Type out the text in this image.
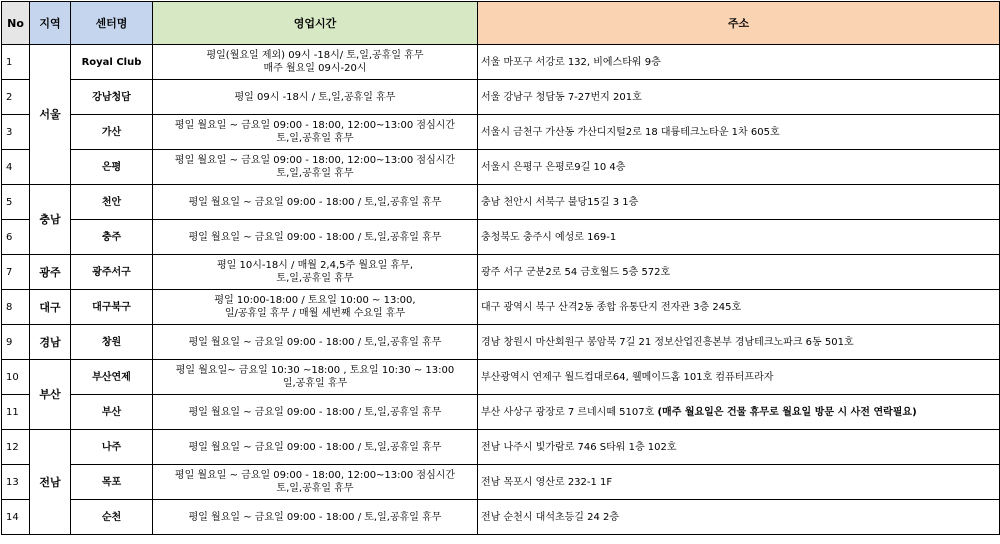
No	지역	센터명	영업시간	주소
1	서울	Royal Club	평일(월요일 제외) 09시 -18시/ 토,일,공휴일 휴무
매주 월요일 09시-20시	서울 마포구 서강로 132, 비에스타워 9층
2		강남청담	평일 09시 -18시 / 토,일,공휴일 휴무	서울 강남구 청담동 7-27번지 201호
3		가산	평일 월요일 ~ 금요일 09:00 - 18:00, 12:00~13:00 점심시간
토,일,공휴일 휴무	서울시 금천구 가산동 가산디지털2로 18 대륭테크노타운 1차 605호
4		은평	평일 월요일 ~ 금요일 09:00 - 18:00, 12:00~13:00 점심시간
토,일,공휴일 휴무	서울시 은평구 은평로9길 10 4층
5	충남	천안	평일 월요일 ~ 금요일 09:00 - 18:00 / 토,일,공휴일 휴무	충남 천안시 서북구 불당15길 3 1층
6		충주	평일 월요일 ~ 금요일 09:00 - 18:00 / 토,일,공휴일 휴무	충청북도 충주시 예성로 169-1
7	광주	광주서구	평일 10시-18시 / 매월 2,4,5주 월요일 휴무,
토,일,공휴일 휴무	광주 서구 군분2로 54 금호월드 5층 572호
8	대구	대구북구	평일 10:00-18:00 / 토요일 10:00 ~ 13:00,
일/공휴일 휴무 / 매월 세번째 수요일 휴무	대구 광역시 북구 산격2동 종합 유통단지 전자관 3층 245호
9	경남	창원	평일 월요일 ~ 금요일 09:00 - 18:00 / 토,일,공휴일 휴무	경남 창원시 마산회원구 봉암북 7길 21 정보산업진흥본부 경남테크노파크 6동 501호
10	부산	부산연제	평일 월요일~ 금요일 10:30 ~18:00 , 토요일 10:30 ~ 13:00
일,공휴일 휴무	부산광역시 연제구 월드컵대로64, 웰메이드홈 101호 컴퓨터프라자
11		부산	평일 월요일 ~ 금요일 09:00 - 18:00 / 토,일,공휴일 휴무	부산 사상구 광장로 7 르네시떼 5107호 (매주 월요일은 건물 휴무로 월요일 방문 시 사전 연락필요)
12	전남	나주	평일 월요일 ~ 금요일 09:00 - 18:00 / 토,일,공휴일 휴무	전남 나주시 빛가람로 746 S타워 1층 102호
13		목포	평일 월요일 ~ 금요일 09:00 - 18:00, 12:00~13:00 점심시간
토,일,공휴일 휴무	전남 목포시 영산로 232-1 1F
14		순천	평일 월요일 ~ 금요일 09:00 - 18:00 / 토,일,공휴일 휴무	전남 순천시 대석초등길 24 2층
